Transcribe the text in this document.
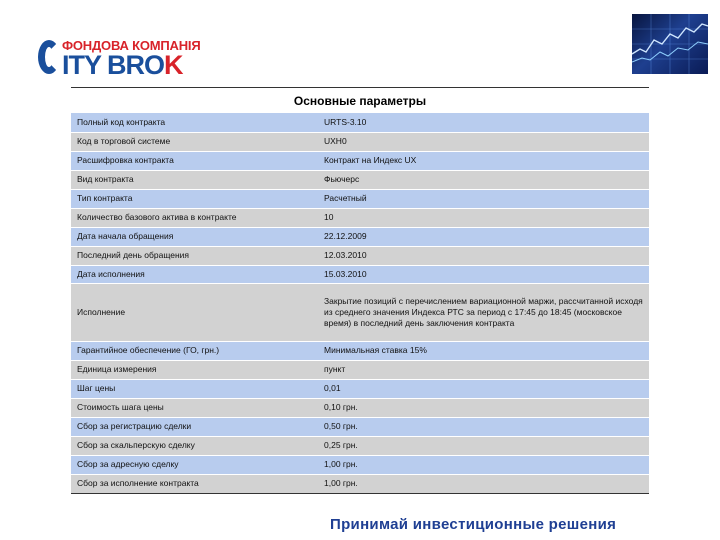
ФОНДОВА КОМПАНІЯ
ITY BROK
Основные параметры
Полный код контракта	URTS-3.10
Код в торговой системе	UXH0
Расшифровка контракта	Контракт на Индекс UX
Вид контракта	Фьючерс
Тип контракта	Расчетный
Количество базового актива в контракте	10
Дата начала обращения	22.12.2009
Последний день обращения	12.03.2010
Дата исполнения	15.03.2010
Исполнение	Закрытие позиций с перечислением вариационной маржи, рассчитанной исходя из среднего значения Индекса РТС за период с 17:45 до 18:45 (московское время) в последний день заключения контракта
Гарантийное обеспечение (ГО, грн.)	Минимальная ставка 15%
Единица измерения	пункт
Шаг цены	0,01
Стоимость шага цены	0,10 грн.
Сбор за регистрацию сделки	0,50 грн.
Сбор за скальперскую сделку	0,25 грн.
Сбор за адресную сделку	1,00 грн.
Сбор за исполнение контракта	1,00 грн.
Принимай инвестиционные решения
